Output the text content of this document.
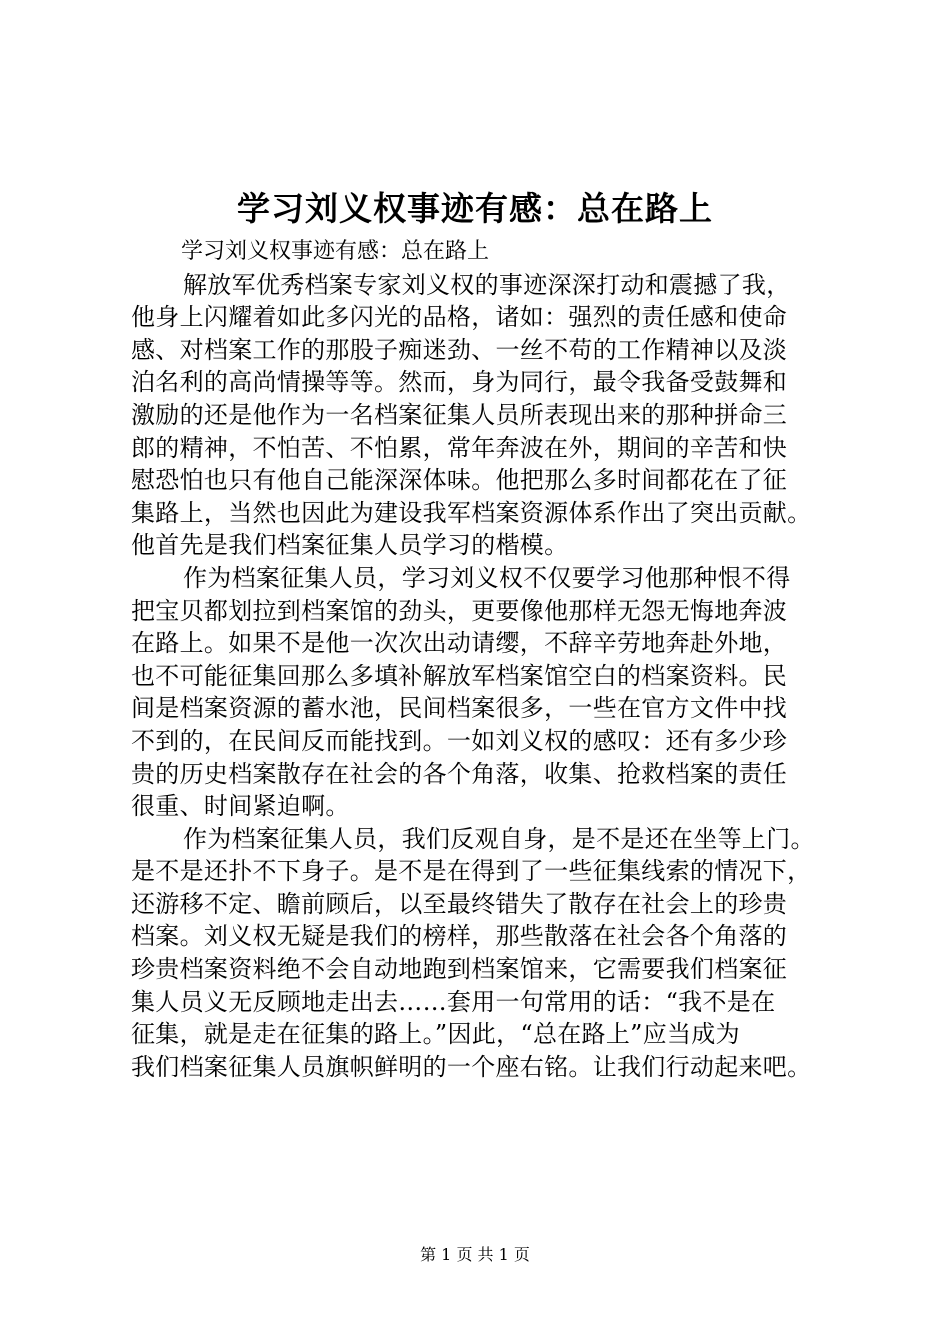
学习刘义权事迹有感：总在路上
学习刘义权事迹有感：总在路上
解放军优秀档案专家刘义权的事迹深深打动和震撼了我，
他身上闪耀着如此多闪光的品格，诸如：强烈的责任感和使命
感、对档案工作的那股子痴迷劲、一丝不苟的工作精神以及淡
泊名利的高尚情操等等。然而，身为同行，最令我备受鼓舞和
激励的还是他作为一名档案征集人员所表现出来的那种拼命三
郎的精神，不怕苦、不怕累，常年奔波在外，期间的辛苦和快
慰恐怕也只有他自己能深深体味。他把那么多时间都花在了征
集路上，当然也因此为建设我军档案资源体系作出了突出贡献。
他首先是我们档案征集人员学习的楷模。
作为档案征集人员，学习刘义权不仅要学习他那种恨不得
把宝贝都划拉到档案馆的劲头，更要像他那样无怨无悔地奔波
在路上。如果不是他一次次出动请缨，不辞辛劳地奔赴外地，
也不可能征集回那么多填补解放军档案馆空白的档案资料。民
间是档案资源的蓄水池，民间档案很多，一些在官方文件中找
不到的，在民间反而能找到。一如刘义权的感叹：还有多少珍
贵的历史档案散存在社会的各个角落，收集、抢救档案的责任
很重、时间紧迫啊。
作为档案征集人员，我们反观自身，是不是还在坐等上门。
是不是还扑不下身子。是不是在得到了一些征集线索的情况下，
还游移不定、瞻前顾后，以至最终错失了散存在社会上的珍贵
档案。刘义权无疑是我们的榜样，那些散落在社会各个角落的
珍贵档案资料绝不会自动地跑到档案馆来，它需要我们档案征
集人员义无反顾地走出去……套用一句常用的话：“我不是在
征集，就是走在征集的路上。”因此，“总在路上”应当成为
我们档案征集人员旗帜鲜明的一个座右铭。让我们行动起来吧。
第 1 页 共 1 页
